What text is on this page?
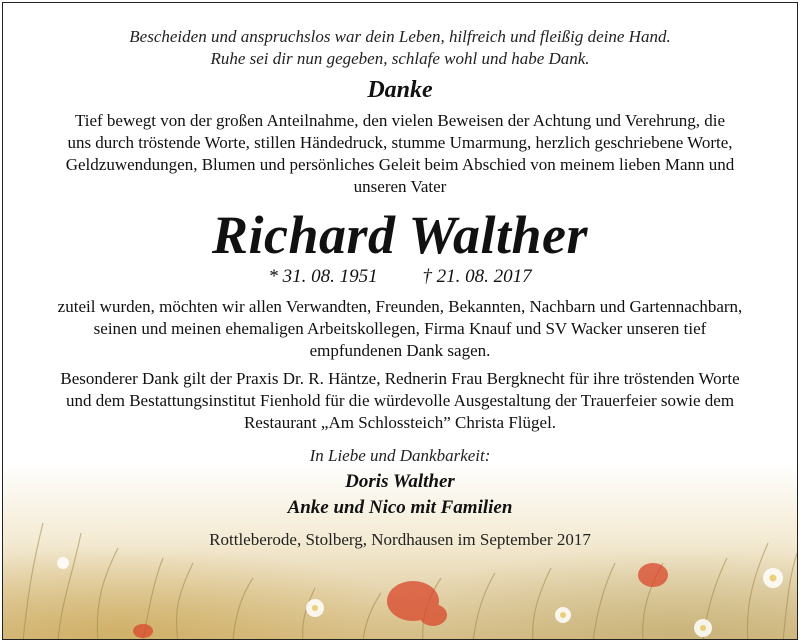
Bescheiden und anspruchslos war dein Leben, hilfreich und fleißig deine Hand.
Ruhe sei dir nun gegeben, schlafe wohl und habe Dank.
Danke
Tief bewegt von der großen Anteilnahme, den vielen Beweisen der Achtung und Verehrung, die
uns durch tröstende Worte, stillen Händedruck, stumme Umarmung, herzlich geschriebene Worte,
Geldzuwendungen, Blumen und persönliches Geleit beim Abschied von meinem lieben Mann und
unseren Vater
Richard Walther
* 31. 08. 1951 † 21. 08. 2017
zuteil wurden, möchten wir allen Verwandten, Freunden, Bekannten, Nachbarn und Gartennachbarn,
seinen und meinen ehemaligen Arbeitskollegen, Firma Knauf und SV Wacker unseren tief
empfundenen Dank sagen.
Besonderer Dank gilt der Praxis Dr. R. Häntze, Rednerin Frau Bergknecht für ihre tröstenden Worte
und dem Bestattungsinstitut Fienhold für die würdevolle Ausgestaltung der Trauerfeier sowie dem
Restaurant „Am Schlossteich” Christa Flügel.
In Liebe und Dankbarkeit:
Doris Walther
Anke und Nico mit Familien
Rottleberode, Stolberg, Nordhausen im September 2017
